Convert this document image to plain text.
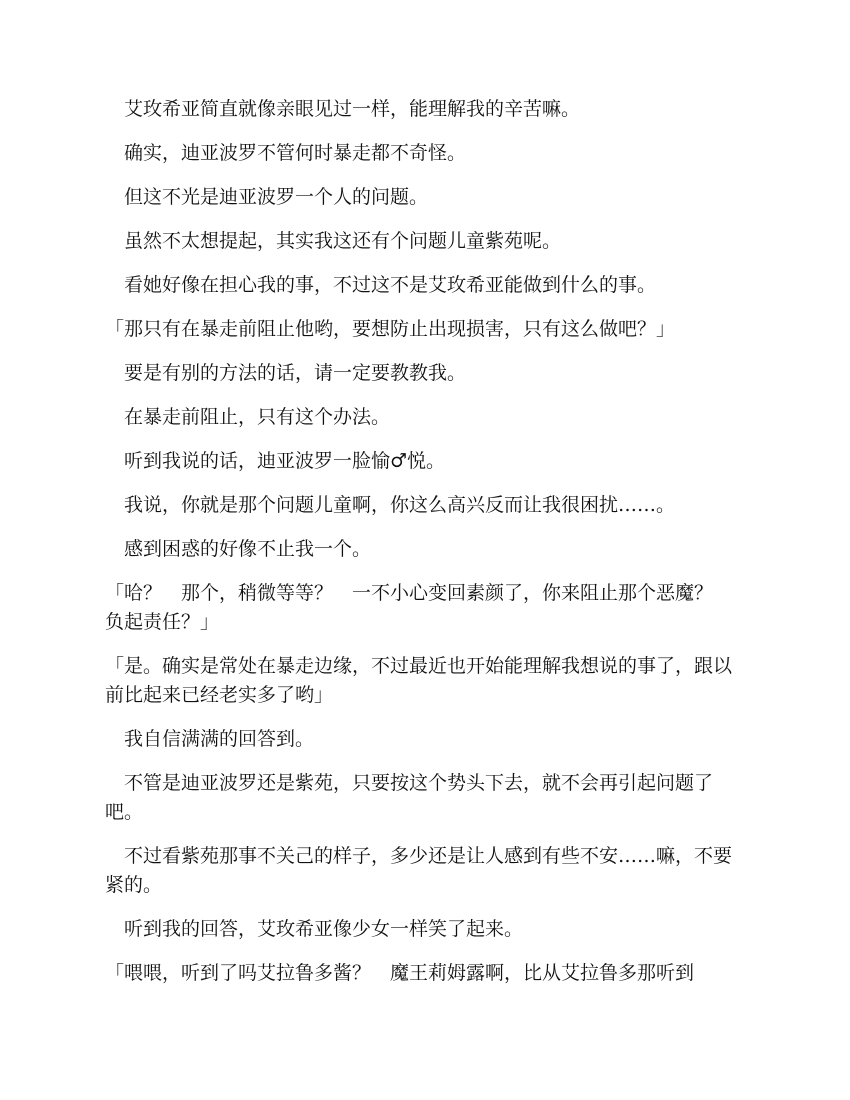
　艾玫希亚简直就像亲眼见过一样，能理解我的辛苦嘛。

　确实，迪亚波罗不管何时暴走都不奇怪。

　但这不光是迪亚波罗一个人的问题。

　虽然不太想提起，其实我这还有个问题儿童紫苑呢。

　看她好像在担心我的事，不过这不是艾玫希亚能做到什么的事。

「那只有在暴走前阻止他哟，要想防止出现损害，只有这么做吧？」

　要是有别的方法的话，请一定要教教我。

　在暴走前阻止，只有这个办法。

　听到我说的话，迪亚波罗一脸愉♂悦。

　我说，你就是那个问题儿童啊，你这么高兴反而让我很困扰……。

　感到困惑的好像不止我一个。

「哈？　那个，稍微等等？　一不小心变回素颜了，你来阻止那个恶魔？　负起责任？」

「是。确实是常处在暴走边缘，不过最近也开始能理解我想说的事了，跟以前比起来已经老实多了哟」

　我自信满满的回答到。

　不管是迪亚波罗还是紫苑，只要按这个势头下去，就不会再引起问题了吧。

　不过看紫苑那事不关己的样子，多少还是让人感到有些不安……嘛，不要紧的。

　听到我的回答，艾玫希亚像少女一样笑了起来。

「喂喂，听到了吗艾拉鲁多酱？　魔王莉姆露啊，比从艾拉鲁多那听到
